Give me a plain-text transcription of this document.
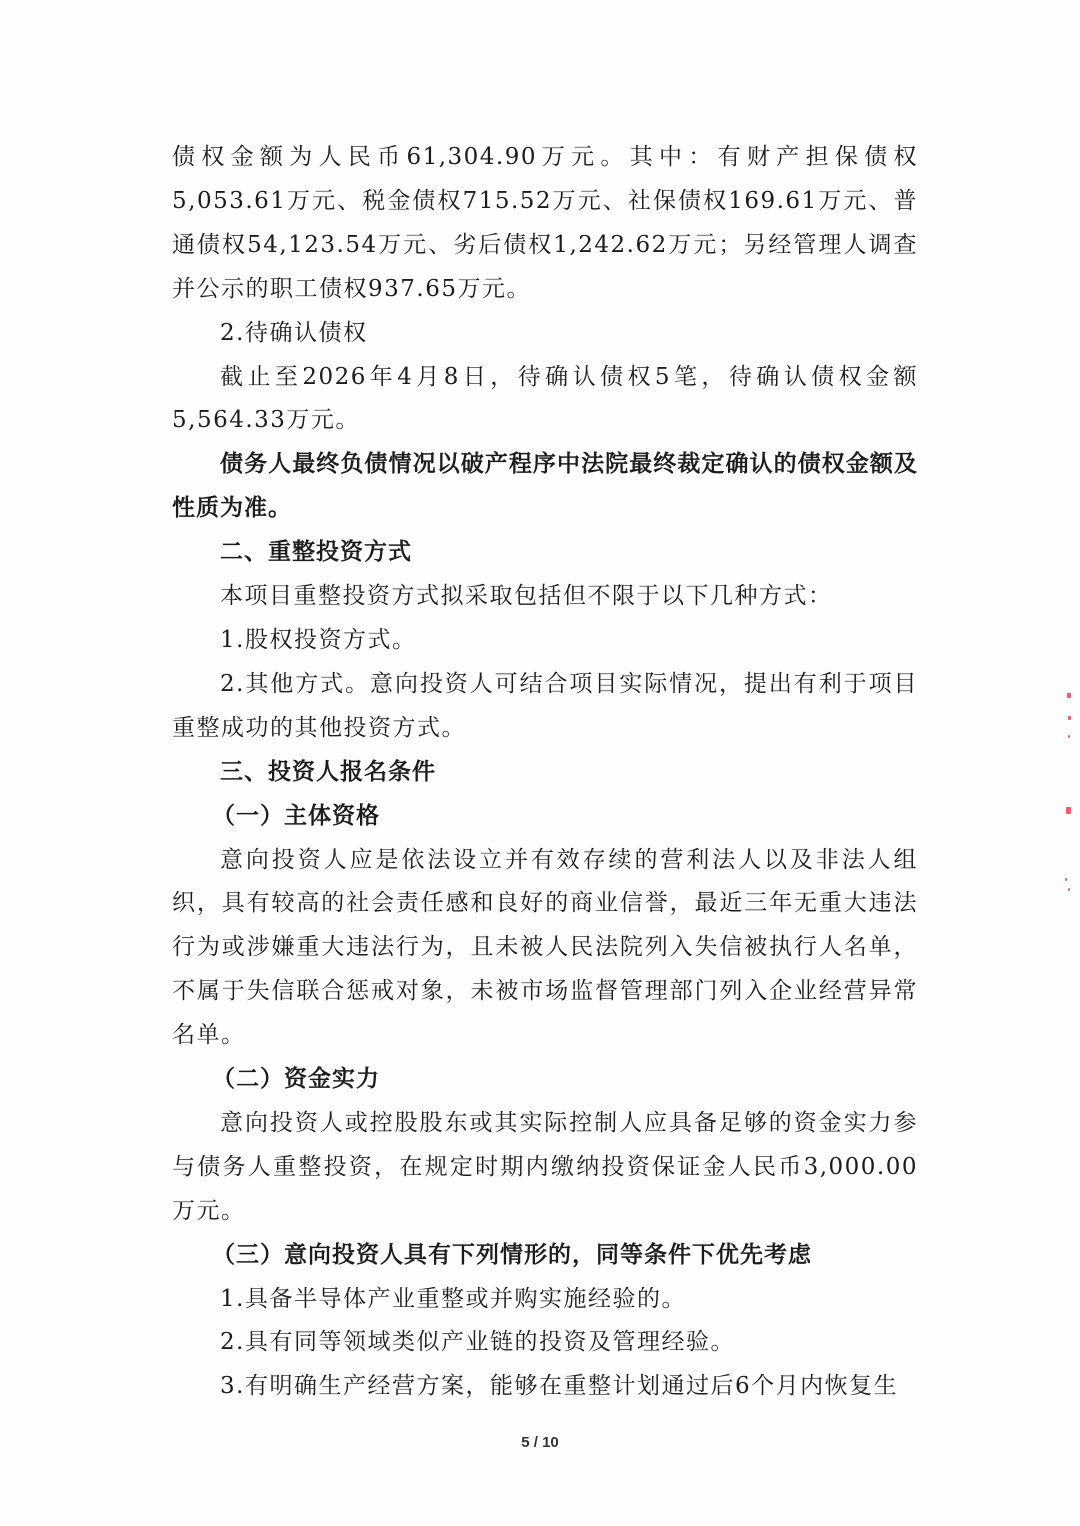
债权金额为人民币61,304.90万元。其中：有财产担保债权5,053.61万元、税金债权715.52万元、社保债权169.61万元、普通债权54,123.54万元、劣后债权1,242.62万元；另经管理人调查并公示的职工债权937.65万元。

2.待确认债权

截止至2026年4月8日，待确认债权5笔，待确认债权金额5,564.33万元。

债务人最终负债情况以破产程序中法院最终裁定确认的债权金额及性质为准。

二、重整投资方式

本项目重整投资方式拟采取包括但不限于以下几种方式：

1.股权投资方式。

2.其他方式。意向投资人可结合项目实际情况，提出有利于项目重整成功的其他投资方式。

三、投资人报名条件

（一）主体资格

意向投资人应是依法设立并有效存续的营利法人以及非法人组织，具有较高的社会责任感和良好的商业信誉，最近三年无重大违法行为或涉嫌重大违法行为，且未被人民法院列入失信被执行人名单，不属于失信联合惩戒对象，未被市场监督管理部门列入企业经营异常名单。

（二）资金实力

意向投资人或控股股东或其实际控制人应具备足够的资金实力参与债务人重整投资，在规定时期内缴纳投资保证金人民币3,000.00万元。

（三）意向投资人具有下列情形的，同等条件下优先考虑

1.具备半导体产业重整或并购实施经验的。

2.具有同等领域类似产业链的投资及管理经验。

3.有明确生产经营方案，能够在重整计划通过后6个月内恢复生

5 / 10
